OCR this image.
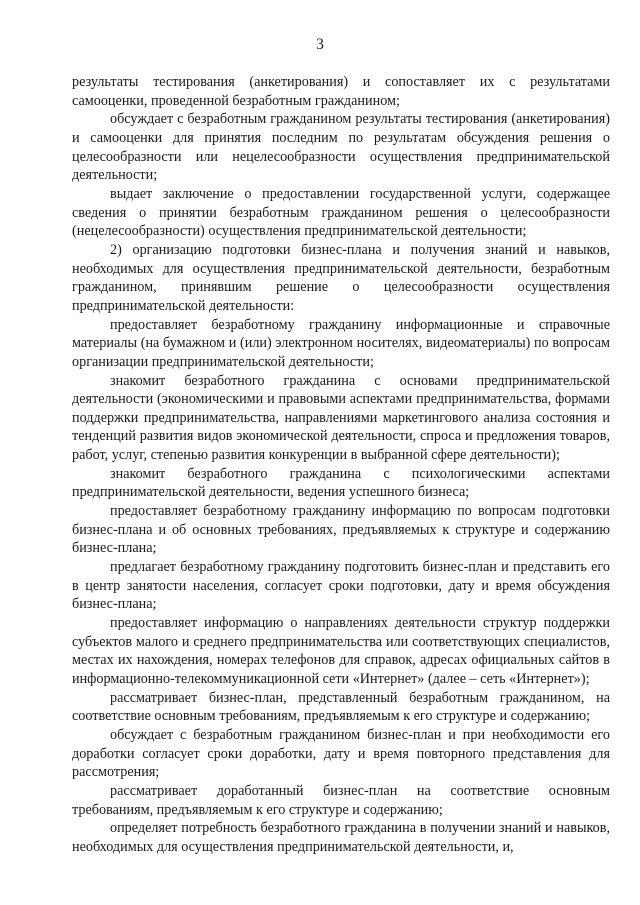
3

результаты тестирования (анкетирования) и сопоставляет их с результатами самооценки, проведенной безработным гражданином;

обсуждает с безработным гражданином результаты тестирования (анкетирования) и самооценки для принятия последним по результатам обсуждения решения о целесообразности или нецелесообразности осуществления предпринимательской деятельности;

выдает заключение о предоставлении государственной услуги, содержащее сведения о принятии безработным гражданином решения о целесообразности (нецелесообразности) осуществления предпринимательской деятельности;

2) организацию подготовки бизнес-плана и получения знаний и навыков, необходимых для осуществления предпринимательской деятельности, безработным гражданином, принявшим решение о целесообразности осуществления предпринимательской деятельности:

предоставляет безработному гражданину информационные и справочные материалы (на бумажном и (или) электронном носителях, видеоматериалы) по вопросам организации предпринимательской деятельности;

знакомит безработного гражданина с основами предпринимательской деятельности (экономическими и правовыми аспектами предпринимательства, формами поддержки предпринимательства, направлениями маркетингового анализа состояния и тенденций развития видов экономической деятельности, спроса и предложения товаров, работ, услуг, степенью развития конкуренции в выбранной сфере деятельности);

знакомит безработного гражданина с психологическими аспектами предпринимательской деятельности, ведения успешного бизнеса;

предоставляет безработному гражданину информацию по вопросам подготовки бизнес-плана и об основных требованиях, предъявляемых к структуре и содержанию бизнес-плана;

предлагает безработному гражданину подготовить бизнес-план и представить его в центр занятости населения, согласует сроки подготовки, дату и время обсуждения бизнес-плана;

предоставляет информацию о направлениях деятельности структур поддержки субъектов малого и среднего предпринимательства или соответствующих специалистов, местах их нахождения, номерах телефонов для справок, адресах официальных сайтов в информационно-телекоммуникационной сети «Интернет» (далее – сеть «Интернет»);

рассматривает бизнес-план, представленный безработным гражданином, на соответствие основным требованиям, предъявляемым к его структуре и содержанию;

обсуждает с безработным гражданином бизнес-план и при необходимости его доработки согласует сроки доработки, дату и время повторного представления для рассмотрения;

рассматривает доработанный бизнес-план на соответствие основным требованиям, предъявляемым к его структуре и содержанию;

определяет потребность безработного гражданина в получении знаний и навыков, необходимых для осуществления предпринимательской деятельности, и,
